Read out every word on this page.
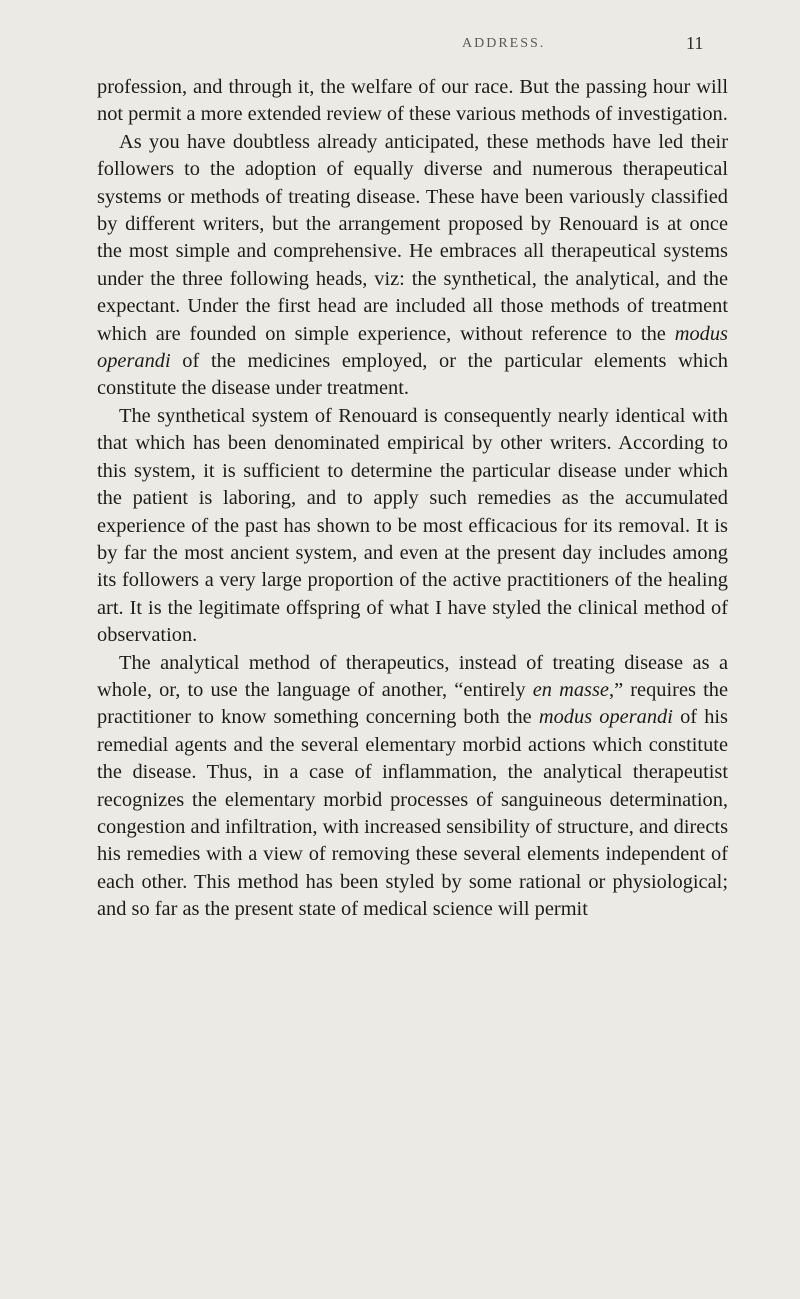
ADDRESS.	11

profession, and through it, the welfare of our race. But the passing hour will not permit a more extended review of these various methods of investigation.

As you have doubtless already anticipated, these methods have led their followers to the adoption of equally diverse and numerous therapeutical systems or methods of treating disease. These have been variously classified by different writers, but the arrangement proposed by Renouard is at once the most simple and comprehensive. He embraces all therapeutical systems under the three following heads, viz: the synthetical, the analytical, and the expectant. Under the first head are included all those methods of treatment which are founded on simple experience, without reference to the modus operandi of the medicines employed, or the particular elements which constitute the disease under treatment.

The synthetical system of Renouard is consequently nearly identical with that which has been denominated empirical by other writers. According to this system, it is sufficient to determine the particular disease under which the patient is laboring, and to apply such remedies as the accumulated experience of the past has shown to be most efficacious for its removal. It is by far the most ancient system, and even at the present day includes among its followers a very large proportion of the active practitioners of the healing art. It is the legitimate offspring of what I have styled the clinical method of observation.

The analytical method of therapeutics, instead of treating disease as a whole, or, to use the language of another, “entirely en masse,” requires the practitioner to know something concerning both the modus operandi of his remedial agents and the several elementary morbid actions which constitute the disease. Thus, in a case of inflammation, the analytical therapeutist recognizes the elementary morbid processes of sanguineous determination, congestion and infiltration, with increased sensibility of structure, and directs his remedies with a view of removing these several elements independent of each other. This method has been styled by some rational or physiological; and so far as the present state of medical science will permit
